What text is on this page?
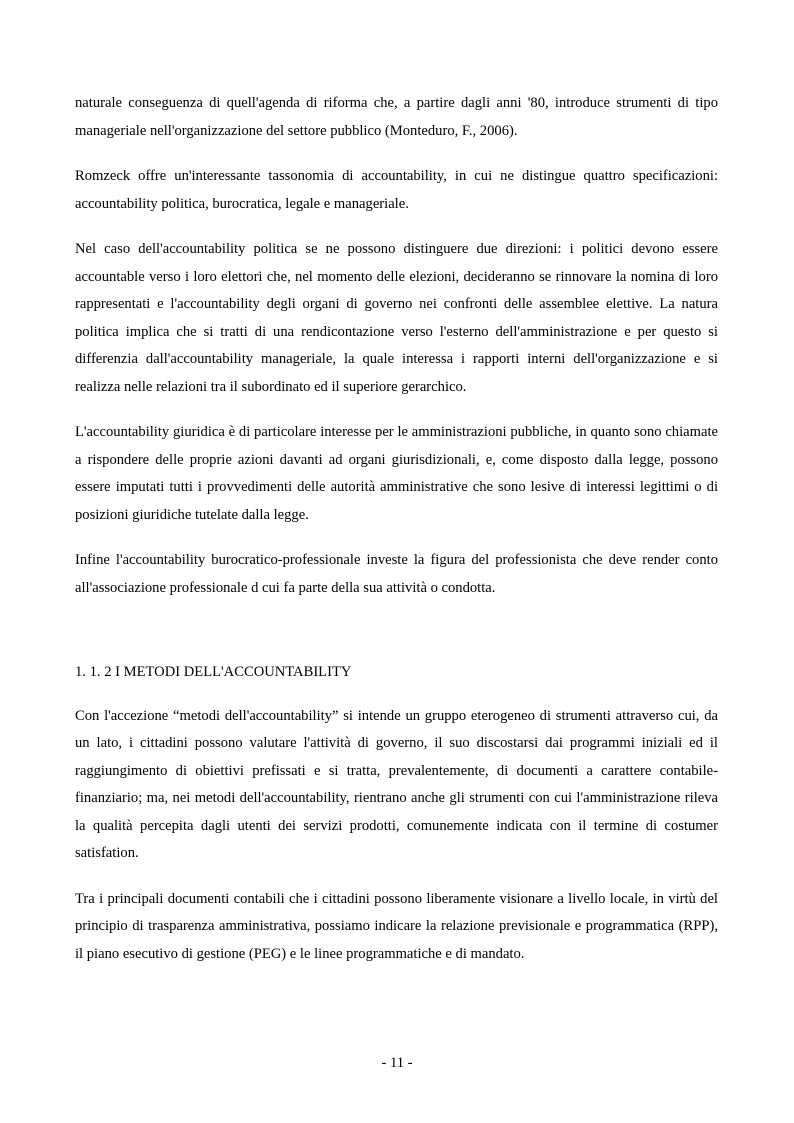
naturale conseguenza di quell'agenda di riforma che, a partire dagli anni '80, introduce strumenti di tipo manageriale nell'organizzazione del settore pubblico (Monteduro, F., 2006).

Romzeck offre un'interessante tassonomia di accountability, in cui ne distingue quattro specificazioni: accountability politica, burocratica, legale e manageriale.

Nel caso dell'accountability politica se ne possono distinguere due direzioni: i politici devono essere accountable verso i loro elettori che, nel momento delle elezioni, decideranno se rinnovare la nomina di loro rappresentati e l'accountability degli organi di governo nei confronti delle assemblee elettive. La natura politica implica che si tratti di una rendicontazione verso l'esterno dell'amministrazione e per questo si differenzia dall'accountability manageriale, la quale interessa i rapporti interni dell'organizzazione e si realizza nelle relazioni tra il subordinato ed il superiore gerarchico.

L'accountability giuridica è di particolare interesse per le amministrazioni pubbliche, in quanto sono chiamate a rispondere delle proprie azioni davanti ad organi giurisdizionali, e, come disposto dalla legge, possono essere imputati tutti i provvedimenti delle autorità amministrative che sono lesive di interessi legittimi o di posizioni giuridiche tutelate dalla legge.

Infine l'accountability burocratico-professionale investe la figura del professionista che deve render conto all'associazione professionale d cui fa parte della sua attività o condotta.

1. 1. 2 I METODI DELL'ACCOUNTABILITY

Con l'accezione “metodi dell'accountability” si intende un gruppo eterogeneo di strumenti attraverso cui, da un lato, i cittadini possono valutare l'attività di governo, il suo discostarsi dai programmi iniziali ed il raggiungimento di obiettivi prefissati e si tratta, prevalentemente, di documenti a carattere contabile-finanziario; ma, nei metodi dell'accountability, rientrano anche gli strumenti con cui l'amministrazione rileva la qualità percepita dagli utenti dei servizi prodotti, comunemente indicata con il termine di costumer satisfation.

Tra i principali documenti contabili che i cittadini possono liberamente visionare a livello locale, in virtù del principio di trasparenza amministrativa, possiamo indicare la relazione previsionale e programmatica (RPP), il piano esecutivo di gestione (PEG) e le linee programmatiche e di mandato.

- 11 -
